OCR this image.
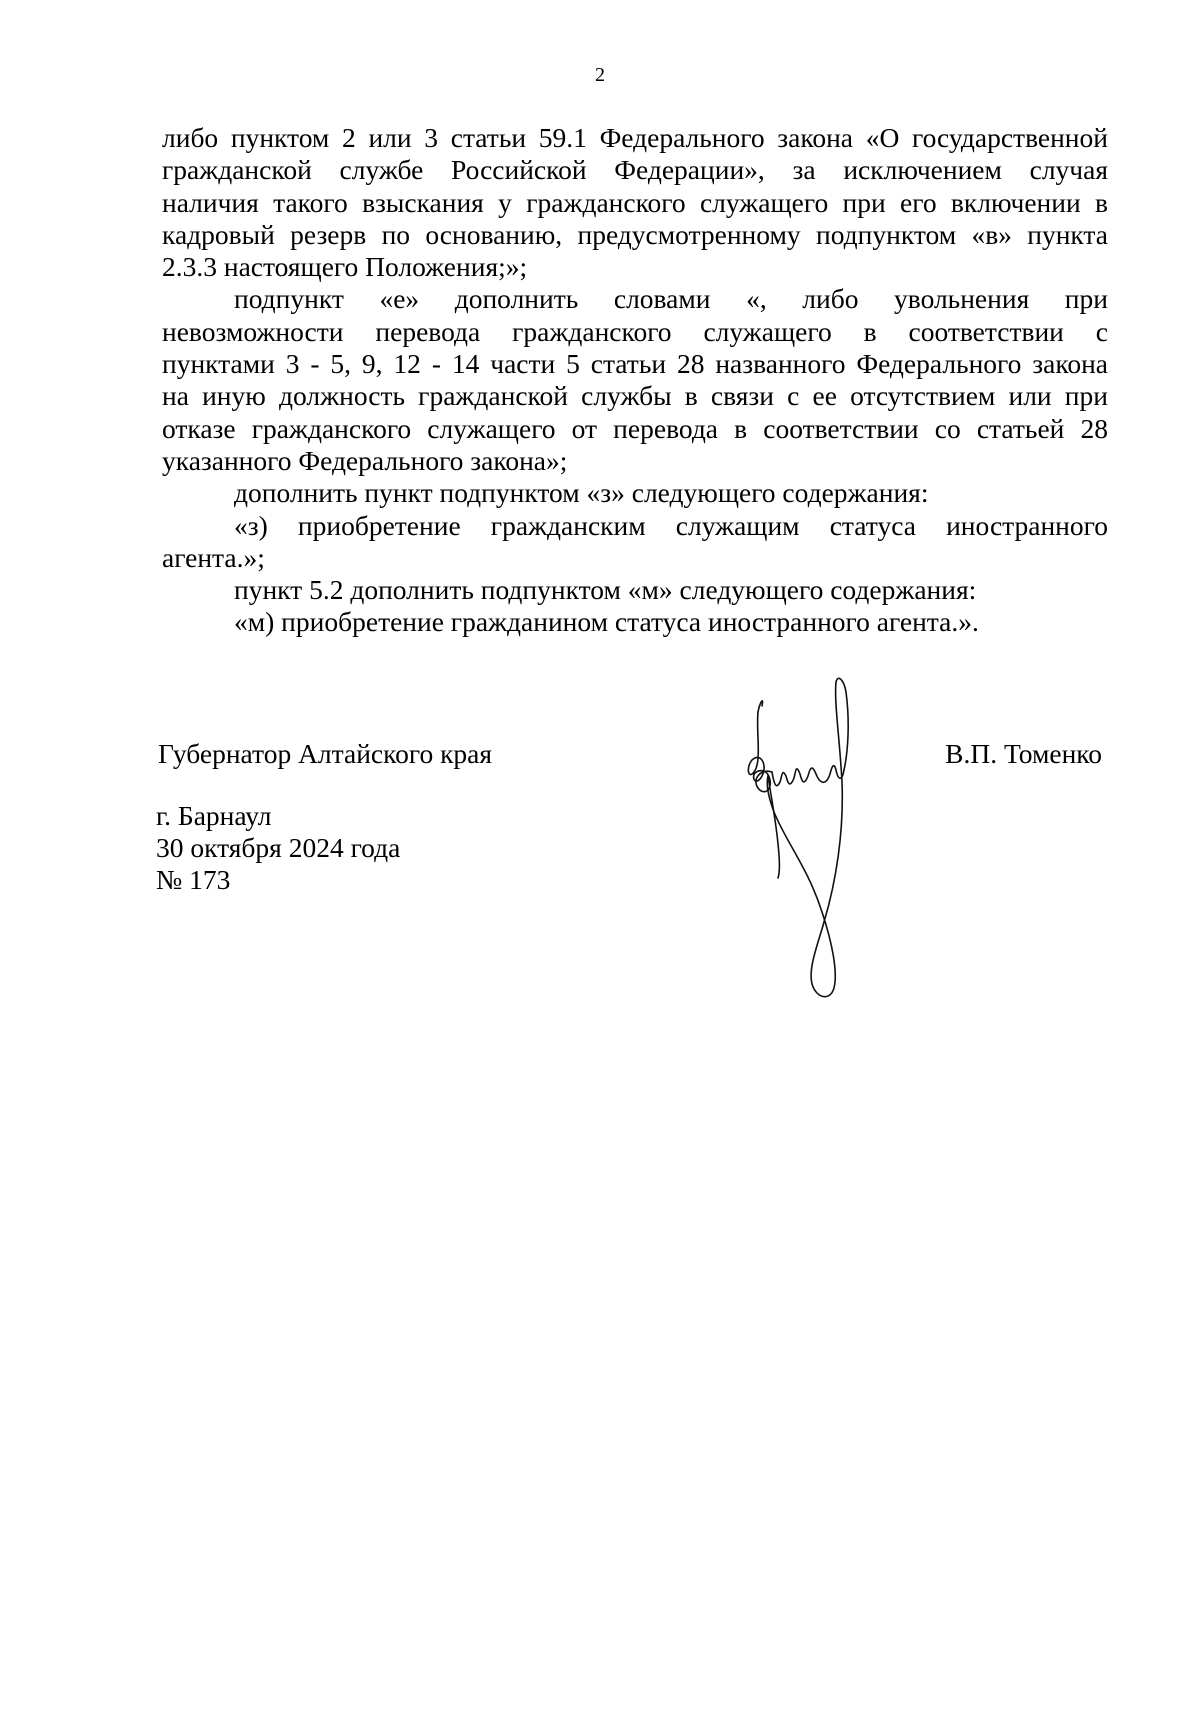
2
либо пунктом 2 или 3 статьи 59.1 Федерального закона «О государственной
гражданской службе Российской Федерации», за исключением случая
наличия такого взыскания у гражданского служащего при его включении в
кадровый резерв по основанию, предусмотренному подпунктом «в» пункта
2.3.3 настоящего Положения;»;
подпункт «е» дополнить словами «, либо увольнения при
невозможности перевода гражданского служащего в соответствии с
пунктами 3 - 5, 9, 12 - 14 части 5 статьи 28 названного Федерального закона
на иную должность гражданской службы в связи с ее отсутствием или при
отказе гражданского служащего от перевода в соответствии со статьей 28
указанного Федерального закона»;
дополнить пункт подпунктом «з» следующего содержания:
«з) приобретение гражданским служащим статуса иностранного
агента.»;
пункт 5.2 дополнить подпунктом «м» следующего содержания:
«м) приобретение гражданином статуса иностранного агента.».
Губернатор Алтайского края	В.П. Томенко
г. Барнаул
30 октября 2024 года
№ 173
